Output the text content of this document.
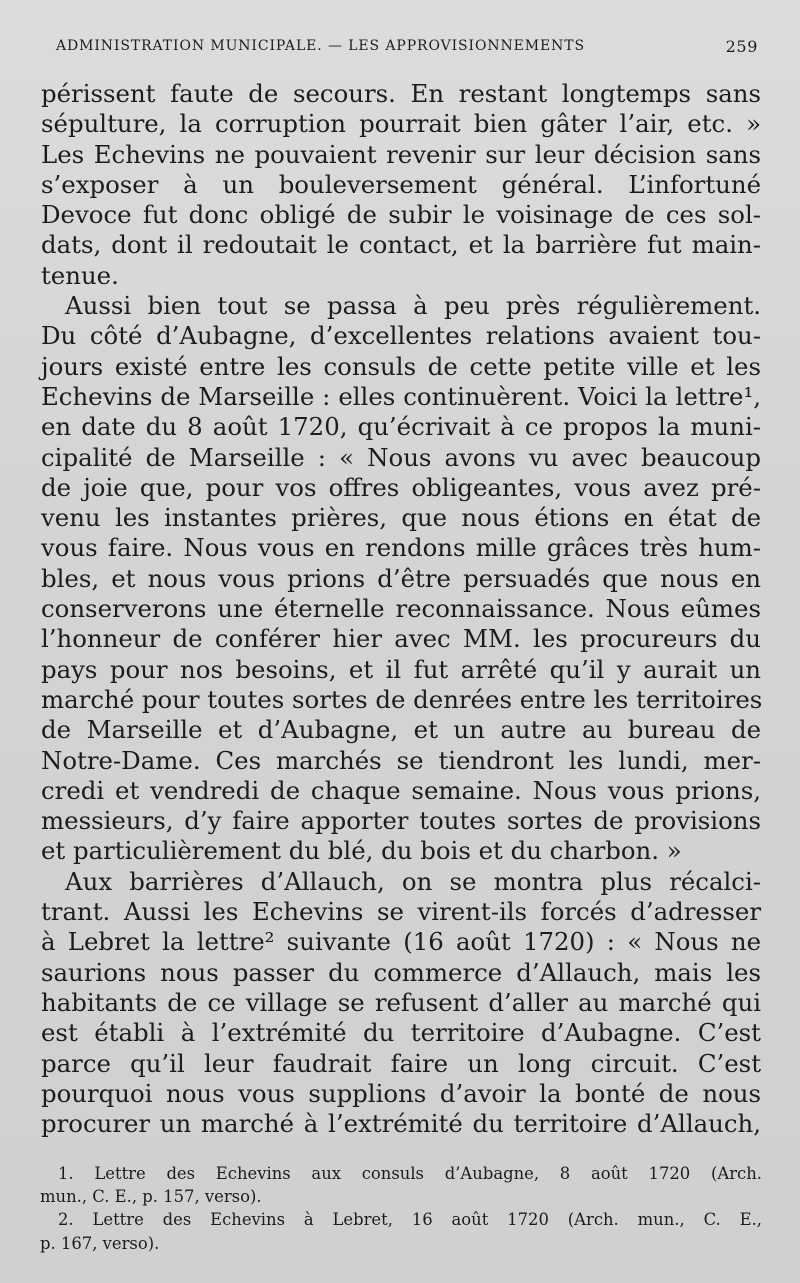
ADMINISTRATION MUNICIPALE. — LES APPROVISIONNEMENTS	259
périssent faute de secours. En restant longtemps sans
sépulture, la corruption pourrait bien gâter l’air, etc. »
Les Echevins ne pouvaient revenir sur leur décision sans
s’exposer à un bouleversement général. L’infortuné
Devoce fut donc obligé de subir le voisinage de ces sol-
dats, dont il redoutait le contact, et la barrière fut main-
tenue.
Aussi bien tout se passa à peu près régulièrement.
Du côté d’Aubagne, d’excellentes relations avaient tou-
jours existé entre les consuls de cette petite ville et les
Echevins de Marseille : elles continuèrent. Voici la lettre¹,
en date du 8 août 1720, qu’écrivait à ce propos la muni-
cipalité de Marseille : « Nous avons vu avec beaucoup
de joie que, pour vos offres obligeantes, vous avez pré-
venu les instantes prières, que nous étions en état de
vous faire. Nous vous en rendons mille grâces très hum-
bles, et nous vous prions d’être persuadés que nous en
conserverons une éternelle reconnaissance. Nous eûmes
l’honneur de conférer hier avec MM. les procureurs du
pays pour nos besoins, et il fut arrêté qu’il y aurait un
marché pour toutes sortes de denrées entre les territoires
de Marseille et d’Aubagne, et un autre au bureau de
Notre-Dame. Ces marchés se tiendront les lundi, mer-
credi et vendredi de chaque semaine. Nous vous prions,
messieurs, d’y faire apporter toutes sortes de provisions
et particulièrement du blé, du bois et du charbon. »
Aux barrières d’Allauch, on se montra plus récalci-
trant. Aussi les Echevins se virent-ils forcés d’adresser
à Lebret la lettre² suivante (16 août 1720) : « Nous ne
saurions nous passer du commerce d’Allauch, mais les
habitants de ce village se refusent d’aller au marché qui
est établi à l’extrémité du territoire d’Aubagne. C’est
parce qu’il leur faudrait faire un long circuit. C’est
pourquoi nous vous supplions d’avoir la bonté de nous
procurer un marché à l’extrémité du territoire d’Allauch,
1. Lettre des Echevins aux consuls d’Aubagne, 8 août 1720 (Arch.
mun., C. E., p. 157, verso).
2. Lettre des Echevins à Lebret, 16 août 1720 (Arch. mun., C. E.,
p. 167, verso).
